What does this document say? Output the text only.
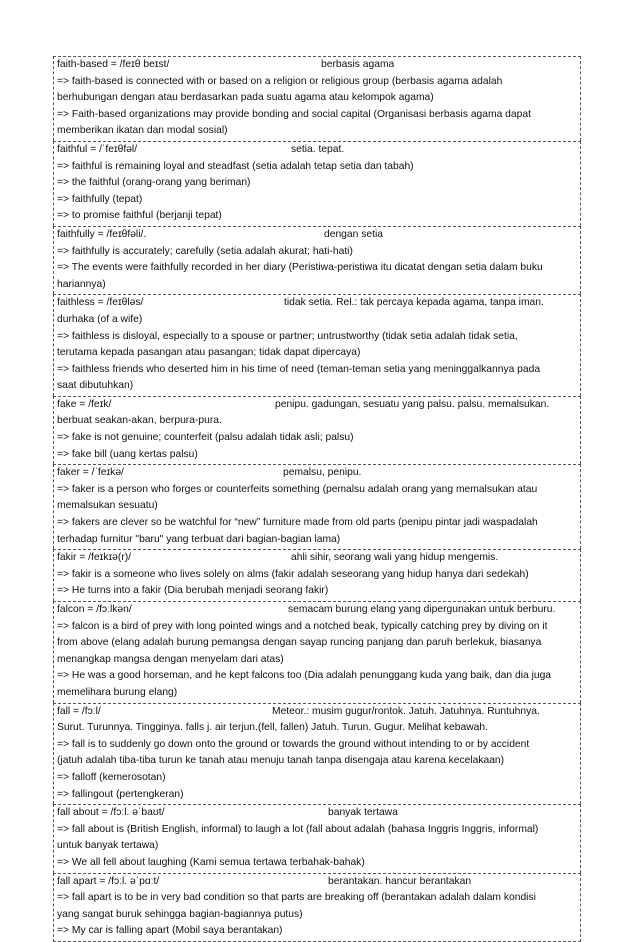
faith-based = /feɪθ beɪst/	berbasis agama
=> faith-based is connected with or based on a religion or religious group (berbasis agama adalah
berhubungan dengan atau berdasarkan pada suatu agama atau kelompok agama)
=> Faith-based organizations may provide bonding and social capital (Organisasi berbasis agama dapat
memberikan ikatan dan modal sosial)
faithful = /ˈfeɪθfəl/	setia. tepat.
=> faithful is remaining loyal and steadfast (setia adalah tetap setia dan tabah)
=> the faithful (orang-orang yang beriman)
=> faithfully (tepat)
=> to promise faithful (berjanji tepat)
faithfully = /feɪθfəli/.	dengan setia
=> faithfully is accurately; carefully (setia adalah akurat; hati-hati)
=> The events were faithfully recorded in her diary (Peristiwa-peristiwa itu dicatat dengan setia dalam buku
hariannya)
faithless = /feɪθləs/	tidak setia. Rel.: tak percaya kepada agama, tanpa iman.
durhaka (of a wife)
=> faithless is disloyal, especially to a spouse or partner; untrustworthy (tidak setia adalah tidak setia,
terutama kepada pasangan atau pasangan; tidak dapat dipercaya)
=> faithless friends who deserted him in his time of need (teman-teman setia yang meninggalkannya pada
saat dibutuhkan)
fake = /feɪk/	penipu. gadungan, sesuatu yang palsu. palsu. memalsukan.
berbuat seakan-akan, berpura-pura.
=> fake is not genuine; counterfeit (palsu adalah tidak asli; palsu)
=> fake bill (uang kertas palsu)
faker = /ˈfeɪkə/	pemalsu, penipu.
=> faker is a person who forges or counterfeits something (pemalsu adalah orang yang memalsukan atau
memalsukan sesuatu)
=> fakers are clever so be watchful for “new” furniture made from old parts (penipu pintar jadi waspadalah
terhadap furnitur "baru" yang terbuat dari bagian-bagian lama)
fakir = /feɪkɪə(r)/	ahli sihir, seorang wali yang hidup mengemis.
=> fakir is a someone who lives solely on alms (fakir adalah seseorang yang hidup hanya dari sedekah)
=> He turns into a fakir (Dia berubah menjadi seorang fakir)
falcon = /fɔːlkən/	semacam burung elang yang dipergunakan untuk berburu.
=> falcon is a bird of prey with long pointed wings and a notched beak, typically catching prey by diving on it
from above (elang adalah burung pemangsa dengan sayap runcing panjang dan paruh berlekuk, biasanya
menangkap mangsa dengan menyelam dari atas)
=> He was a good horseman, and he kept falcons too (Dia adalah penunggang kuda yang baik, dan dia juga
memelihara burung elang)
fall = /fɔːl/	Meteor.: musim gugur/rontok. Jatuh. Jatuhnya. Runtuhnya.
Surut. Turunnya. Tingginya. falls j. air terjun.(fell, fallen) Jatuh. Turun. Gugur. Melihat kebawah.
=> fall is to suddenly go down onto the ground or towards the ground without intending to or by accident
(jatuh adalah tiba-tiba turun ke tanah atau menuju tanah tanpa disengaja atau karena kecelakaan)
=> falloff (kemerosotan)
=> fallingout (pertengkeran)
fall about = /fɔːl. əˈbaʊt/	banyak tertawa
=> fall about is (British English, informal) to laugh a lot (fall about adalah (bahasa Inggris Inggris, informal)
untuk banyak tertawa)
=> We all fell about laughing (Kami semua tertawa terbahak-bahak)
fall apart = /fɔːl. əˈpɑːt/	berantakan. hancur berantakan
=> fall apart is to be in very bad condition so that parts are breaking off (berantakan adalah dalam kondisi
yang sangat buruk sehingga bagian-bagiannya putus)
=> My car is falling apart (Mobil saya berantakan)
